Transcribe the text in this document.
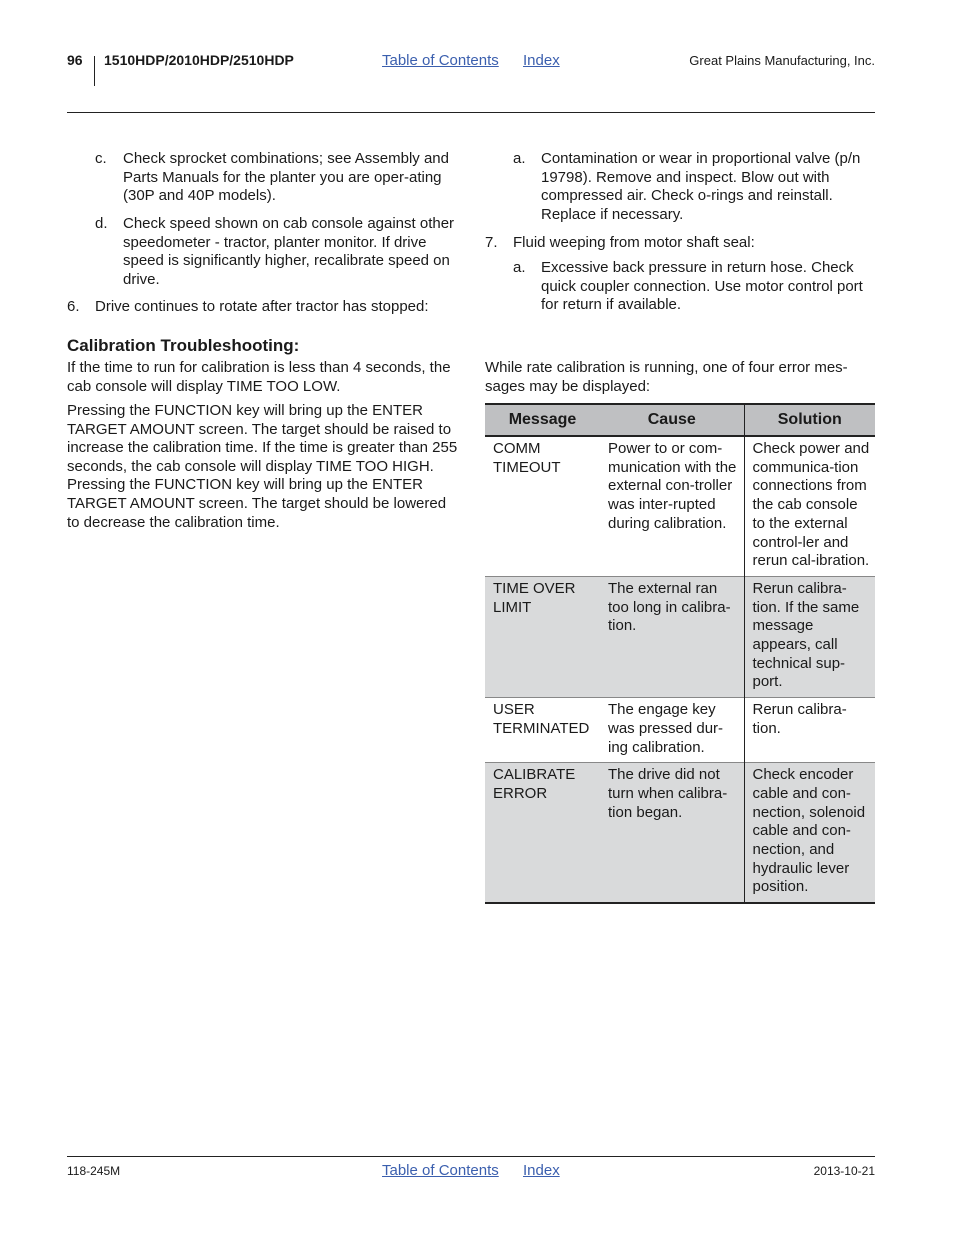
96 1510HDP/2010HDP/2510HDP	Table of Contents Index	Great Plains Manufacturing, Inc.
c. Check sprocket combinations; see Assembly and Parts Manuals for the planter you are oper-ating (30P and 40P models).
d. Check speed shown on cab console against other speedometer - tractor, planter monitor. If drive speed is significantly higher, recalibrate speed on drive.
6. Drive continues to rotate after tractor has stopped:
Calibration Troubleshooting:
If the time to run for calibration is less than 4 seconds, the cab console will display TIME TOO LOW.
Pressing the FUNCTION key will bring up the ENTER TARGET AMOUNT screen. The target should be raised to increase the calibration time. If the time is greater than 255 seconds, the cab console will display TIME TOO HIGH. Pressing the FUNCTION key will bring up the ENTER TARGET AMOUNT screen. The target should be lowered to decrease the calibration time.
a. Contamination or wear in proportional valve (p/n 19798). Remove and inspect. Blow out with compressed air. Check o-rings and reinstall. Replace if necessary.
7. Fluid weeping from motor shaft seal:
a. Excessive back pressure in return hose. Check quick coupler connection. Use motor control port for return if available.
While rate calibration is running, one of four error mes-sages may be displayed:
Message	Cause	Solution
COMM TIMEOUT	Power to or com-munication with the external con-troller was inter-rupted during calibration.	Check power and communica-tion connections from the cab console to the external control-ler and rerun cal-ibration.
TIME OVER LIMIT	The external ran too long in calibra-tion.	Rerun calibra-tion. If the same message appears, call technical sup-port.
USER TERMINATED	The engage key was pressed dur-ing calibration.	Rerun calibra-tion.
CALIBRATE ERROR	The drive did not turn when calibra-tion began.	Check encoder cable and con-nection, solenoid cable and con-nection, and hydraulic lever position.
118-245M	Table of Contents Index	2013-10-21
